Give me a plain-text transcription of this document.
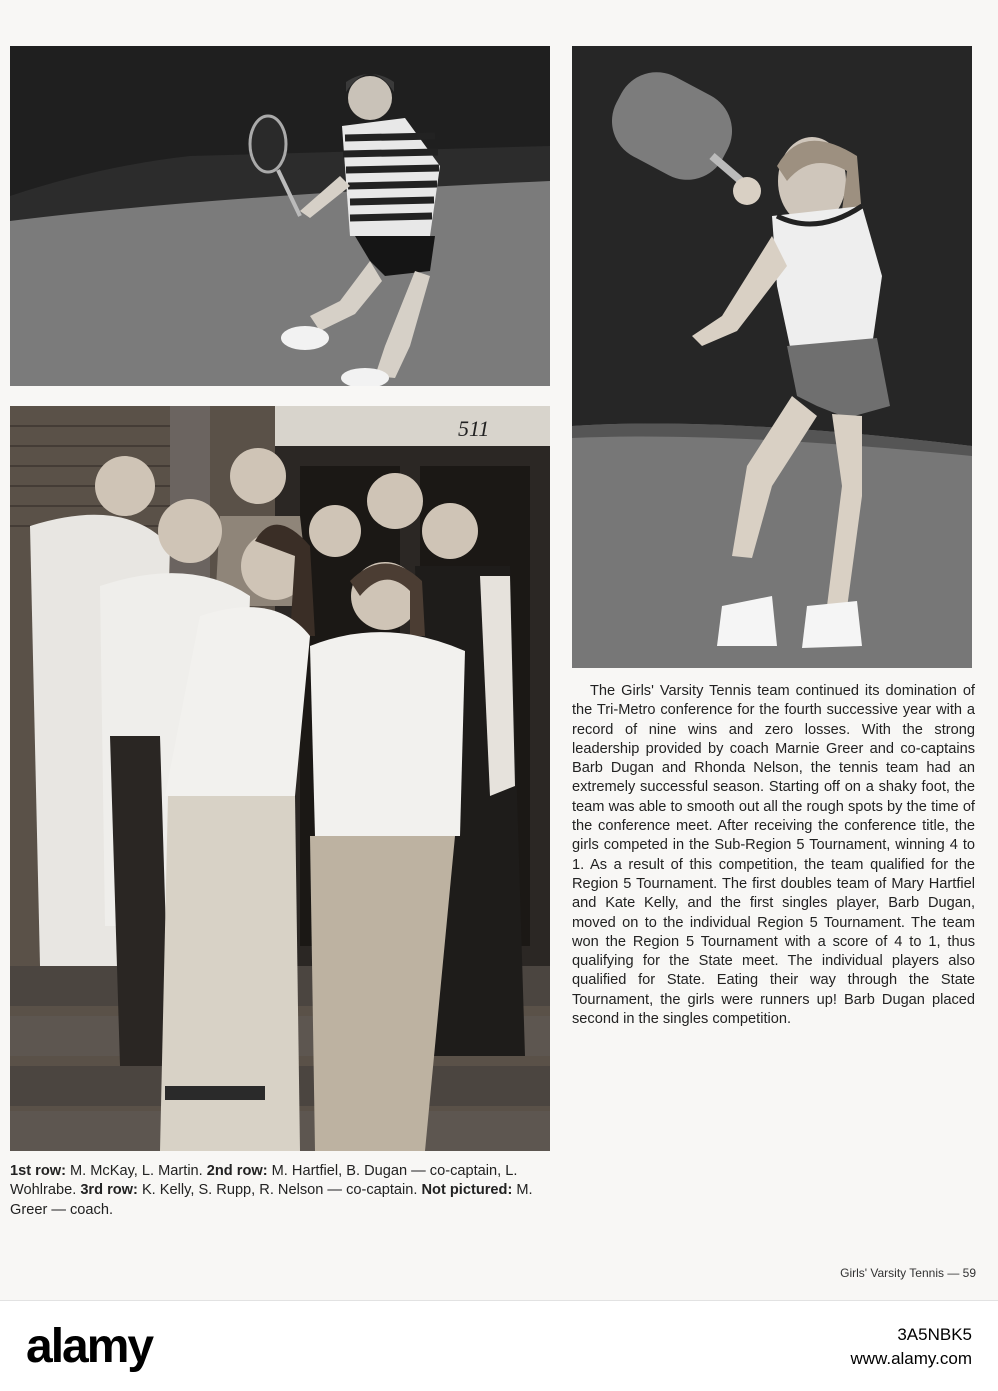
511

The Girls' Varsity Tennis team continued its domination of the Tri-Metro conference for the fourth successive year with a record of nine wins and zero losses. With the strong leadership provided by coach Marnie Greer and co-captains Barb Dugan and Rhonda Nelson, the tennis team had an extremely successful season. Starting off on a shaky foot, the team was able to smooth out all the rough spots by the time of the conference meet. After receiving the conference title, the girls competed in the Sub-Region 5 Tournament, winning 4 to 1. As a result of this competition, the team qualified for the Region 5 Tournament. The first doubles team of Mary Hartfiel and Kate Kelly, and the first singles player, Barb Dugan, moved on to the individual Region 5 Tournament. The team won the Region 5 Tournament with a score of 4 to 1, thus qualifying for the State meet. The individual players also qualified for State. Eating their way through the State Tournament, the girls were runners up! Barb Dugan placed second in the singles competition.

1st row: M. McKay, L. Martin. 2nd row: M. Hartfiel, B. Dugan — co-captain, L. Wohlrabe. 3rd row: K. Kelly, S. Rupp, R. Nelson — co-captain. Not pictured: M. Greer — coach.

Girls' Varsity Tennis — 59
alamy	3A5NBK5
www.alamy.com
